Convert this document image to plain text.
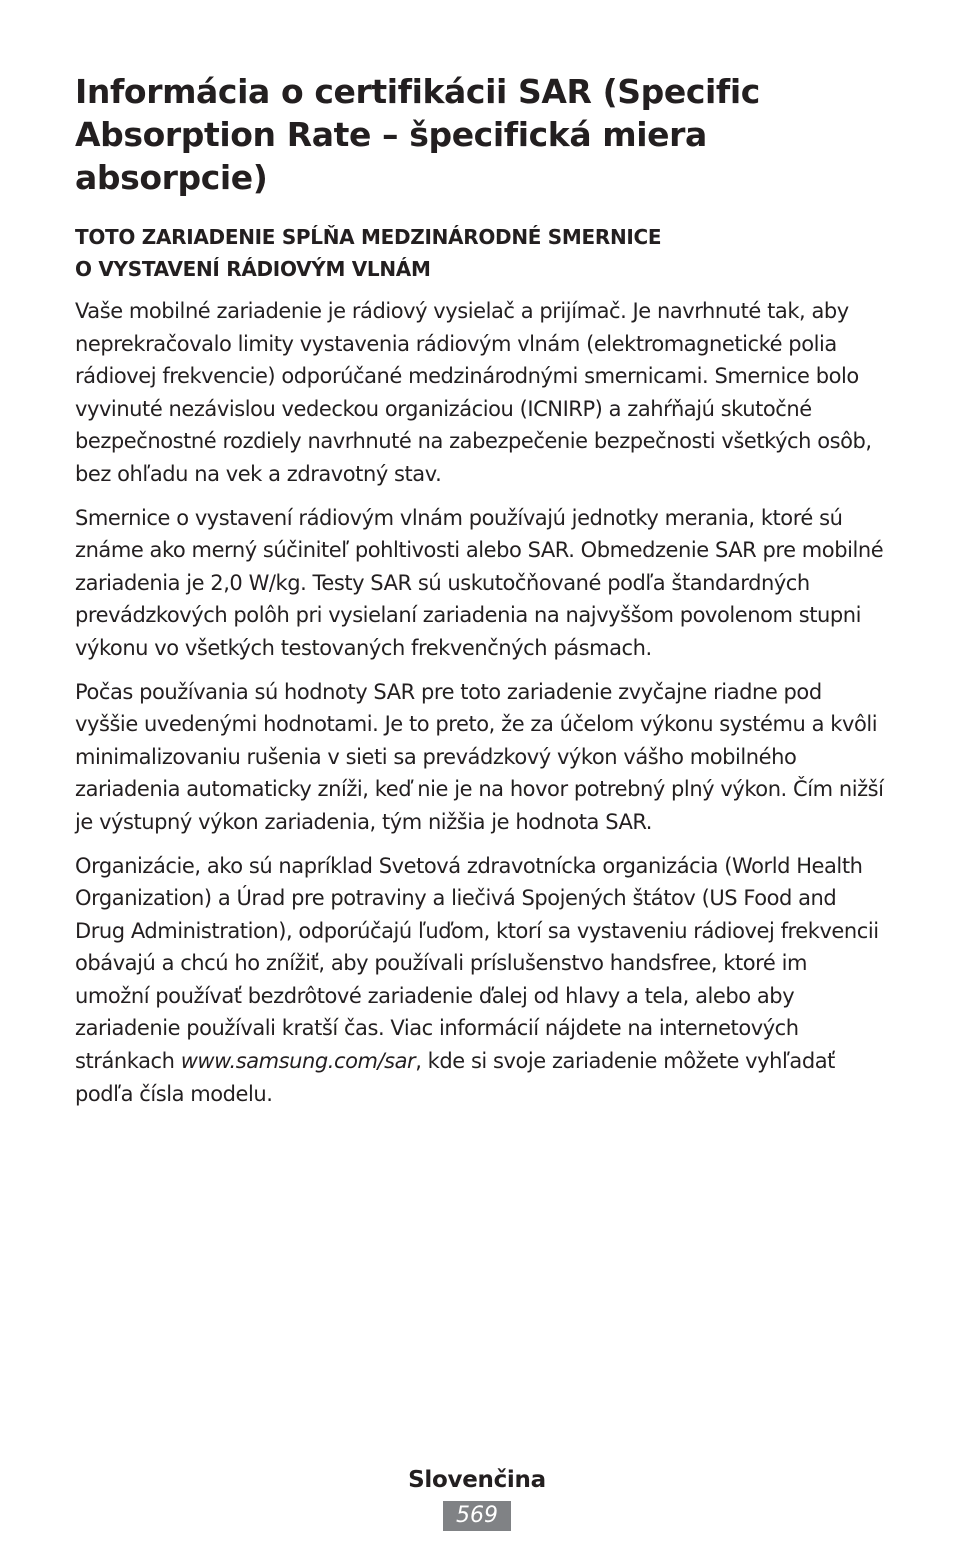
Informácia o certifikácii SAR (Specific
Absorption Rate – špecifická miera absorpcie)
TOTO ZARIADENIE SPĹŇA MEDZINÁRODNÉ SMERNICE
O VYSTAVENÍ RÁDIOVÝM VLNÁM

Vaše mobilné zariadenie je rádiový vysielač a prijímač. Je navrhnuté tak, aby neprekračovalo limity vystavenia rádiovým vlnám (elektromagnetické polia rádiovej frekvencie) odporúčané medzinárodnými smernicami. Smernice bolo vyvinuté nezávislou vedeckou organizáciou (ICNIRP) a zahŕňajú skutočné bezpečnostné rozdiely navrhnuté na zabezpečenie bezpečnosti všetkých osôb, bez ohľadu na vek a zdravotný stav.

Smernice o vystavení rádiovým vlnám používajú jednotky merania, ktoré sú známe ako merný súčiniteľ pohltivosti alebo SAR. Obmedzenie SAR pre mobilné zariadenia je 2,0 W/kg. Testy SAR sú uskutočňované podľa štandardných prevádzkových polôh pri vysielaní zariadenia na najvyššom povolenom stupni výkonu vo všetkých testovaných frekvenčných pásmach.

Počas používania sú hodnoty SAR pre toto zariadenie zvyčajne riadne pod vyššie uvedenými hodnotami. Je to preto, že za účelom výkonu systému a kvôli minimalizovaniu rušenia v sieti sa prevádzkový výkon vášho mobilného zariadenia automaticky zníži, keď nie je na hovor potrebný plný výkon. Čím nižší je výstupný výkon zariadenia, tým nižšia je hodnota SAR.

Organizácie, ako sú napríklad Svetová zdravotnícka organizácia (World Health Organization) a Úrad pre potraviny a liečivá Spojených štátov (US Food and Drug Administration), odporúčajú ľuďom, ktorí sa vystaveniu rádiovej frekvencii obávajú a chcú ho znížiť, aby používali príslušenstvo handsfree, ktoré im umožní používať bezdrôtové zariadenie ďalej od hlavy a tela, alebo aby zariadenie používali kratší čas. Viac informácií nájdete na internetových stránkach www.samsung.com/sar, kde si svoje zariadenie môžete vyhľadať podľa čísla modelu.

Slovenčina
569
